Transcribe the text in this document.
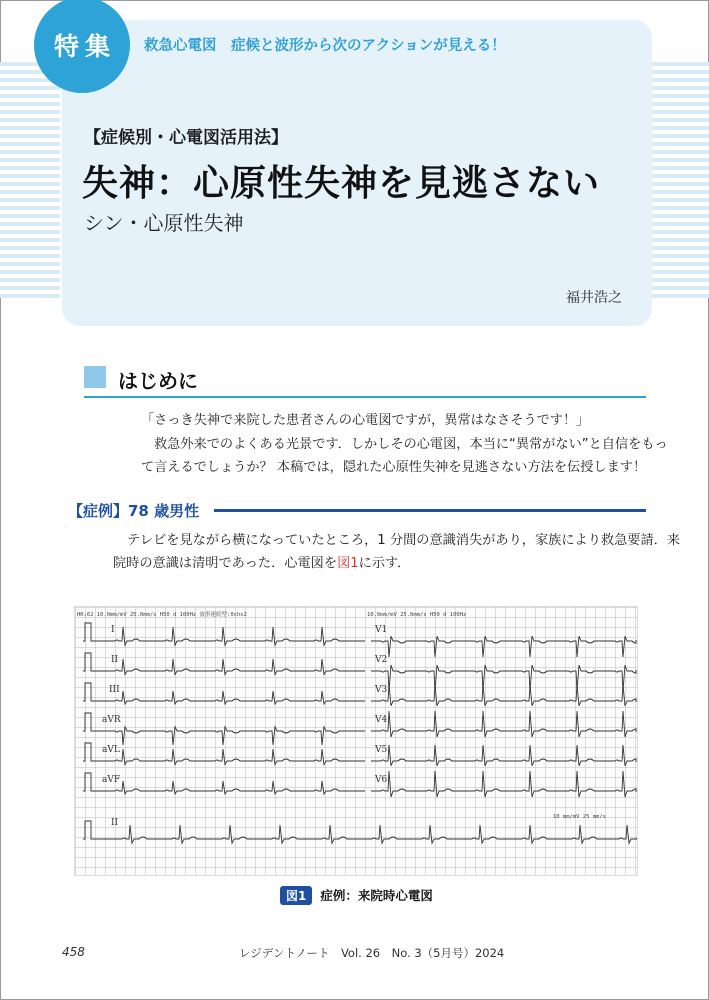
特集	救急心電図　症候と波形から次のアクションが見える！
【症候別・心電図活用法】
失神：心原性失神を見逃さない
シン・心原性失神
福井浩之
はじめに
「さっき失神で来院した患者さんの心電図ですが，異常はなさそうです！」
救急外来でのよくある光景です．しかしその心電図，本当に“異常がない”と自信をもっ
て言えるでしょうか？ 本稿では，隠れた心原性失神を見逃さない方法を伝授します！
【症例】78 歳男性
テレビを見ながら横になっていたところ，1 分間の意識消失があり，家族により救急要請．来
院時の意識は清明であった．心電図を図1に示す．
HR:62 10.0mm/mV 25.0mm/s H50 d 100Hz 波形連続型:0chx2	10.0mm/mV 25.0mm/s H50 d 100Hz
10 mm/mV 25 mm/s
I
II
III
aVR
aVL
aVF
V1
V2
V3
V4
V5
V6
II
図1 症例：来院時心電図
458	レジデントノート　Vol. 26　No. 3（5月号）2024
